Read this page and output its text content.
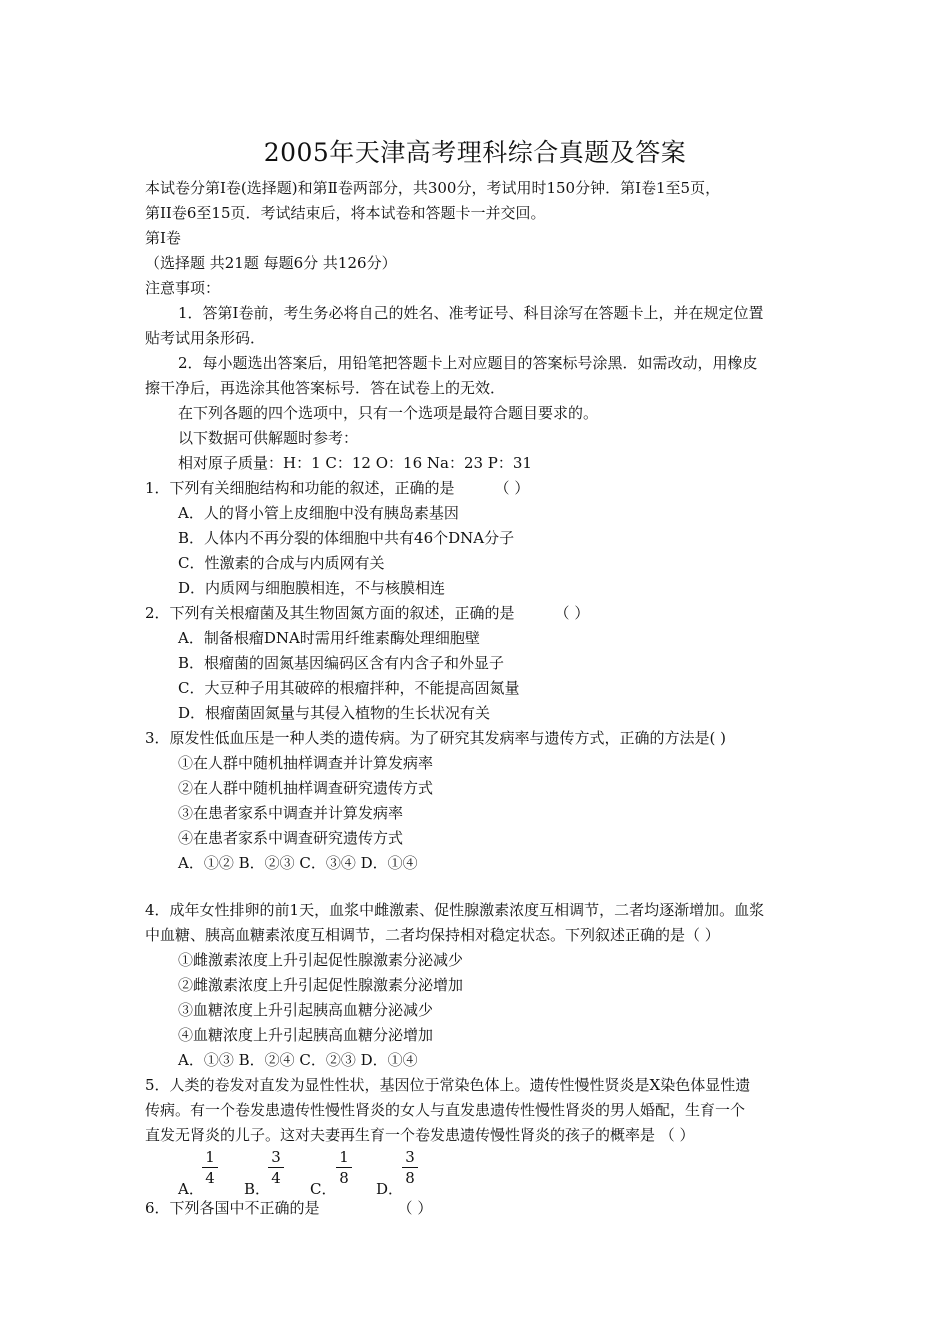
2005年天津高考理科综合真题及答案
本试卷分第Ⅰ卷(选择题)和第Ⅱ卷两部分，共300分，考试用时150分钟．第Ⅰ卷1至5页，
第II卷6至15页．考试结束后，将本试卷和答题卡一并交回。
第Ⅰ卷
（选择题 共21题 每题6分 共126分）
注意事项：
1．答第Ⅰ卷前，考生务必将自己的姓名、准考证号、科目涂写在答题卡上，并在规定位置
贴考试用条形码．
2．每小题选出答案后，用铅笔把答题卡上对应题目的答案标号涂黑．如需改动，用橡皮
擦干净后，再选涂其他答案标号．答在试卷上的无效．
在下列各题的四个选项中，只有一个选项是最符合题目要求的。
以下数据可供解题时参考：
相对原子质量：H：1 C：12 O：16 Na：23 P：31
1．下列有关细胞结构和功能的叙述，正确的是	（ ）
A．人的肾小管上皮细胞中没有胰岛素基因
B．人体内不再分裂的体细胞中共有46个DNA分子
C．性激素的合成与内质网有关
D．内质网与细胞膜相连，不与核膜相连
2．下列有关根瘤菌及其生物固氮方面的叙述，正确的是	（ ）
A．制备根瘤DNA时需用纤维素酶处理细胞壁
B．根瘤菌的固氮基因编码区含有内含子和外显子
C．大豆种子用其破碎的根瘤拌种，不能提高固氮量
D．根瘤菌固氮量与其侵入植物的生长状况有关
3．原发性低血压是一种人类的遗传病。为了研究其发病率与遗传方式，正确的方法是( )
①在人群中随机抽样调查并计算发病率
②在人群中随机抽样调查研究遗传方式
③在患者家系中调查并计算发病率
④在患者家系中调查研究遗传方式
A．①② B．②③ C．③④ D．①④
4．成年女性排卵的前1天，血浆中雌激素、促性腺激素浓度互相调节，二者均逐渐增加。血浆
中血糖、胰高血糖素浓度互相调节，二者均保持相对稳定状态。下列叙述正确的是（ ）
①雌激素浓度上升引起促性腺激素分泌减少
②雌激素浓度上升引起促性腺激素分泌增加
③血糖浓度上升引起胰高血糖分泌减少
④血糖浓度上升引起胰高血糖分泌增加
A．①③ B．②④ C．②③ D．①④
5．人类的卷发对直发为显性性状，基因位于常染色体上。遗传性慢性贤炎是X染色体显性遗
传病。有一个卷发患遗传性慢性肾炎的女人与直发患遗传性慢性肾炎的男人婚配，生育一个
直发无肾炎的儿子。这对夫妻再生育一个卷发患遗传慢性肾炎的孩子的概率是 （ ）
A．
1
4
B．
3
4
C．
1
8
D．
3
8
6．下列各国中不正确的是	（ ）
